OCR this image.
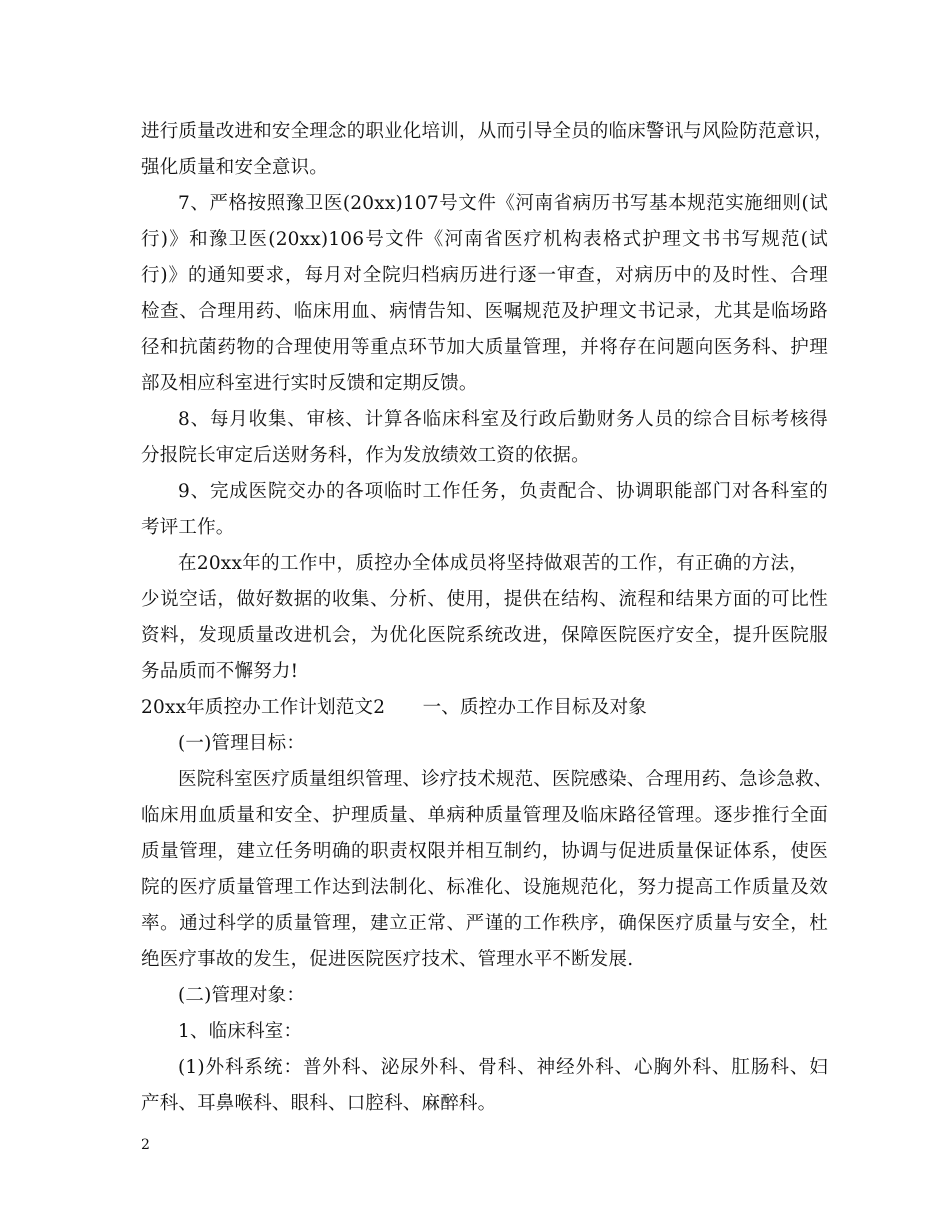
进行质量改进和安全理念的职业化培训，从而引导全员的临床警讯与风险防范意识，
强化质量和安全意识。
7、严格按照豫卫医(20xx)107号文件《河南省病历书写基本规范实施细则(试
行)》和豫卫医(20xx)106号文件《河南省医疗机构表格式护理文书书写规范(试
行)》的通知要求，每月对全院归档病历进行逐一审查，对病历中的及时性、合理
检查、合理用药、临床用血、病情告知、医嘱规范及护理文书记录，尤其是临场路
径和抗菌药物的合理使用等重点环节加大质量管理，并将存在问题向医务科、护理
部及相应科室进行实时反馈和定期反馈。
8、每月收集、审核、计算各临床科室及行政后勤财务人员的综合目标考核得
分报院长审定后送财务科，作为发放绩效工资的依据。
9、完成医院交办的各项临时工作任务，负责配合、协调职能部门对各科室的
考评工作。
在20xx年的工作中，质控办全体成员将坚持做艰苦的工作，有正确的方法，
少说空话，做好数据的收集、分析、使用，提供在结构、流程和结果方面的可比性
资料，发现质量改进机会，为优化医院系统改进，保障医院医疗安全，提升医院服
务品质而不懈努力!
20xx年质控办工作计划范文2　　一、质控办工作目标及对象
(一)管理目标：
医院科室医疗质量组织管理、诊疗技术规范、医院感染、合理用药、急诊急救、
临床用血质量和安全、护理质量、单病种质量管理及临床路径管理。逐步推行全面
质量管理，建立任务明确的职责权限并相互制约，协调与促进质量保证体系，使医
院的医疗质量管理工作达到法制化、标准化、设施规范化，努力提高工作质量及效
率。通过科学的质量管理，建立正常、严谨的工作秩序，确保医疗质量与安全，杜
绝医疗事故的发生，促进医院医疗技术、管理水平不断发展.
(二)管理对象：
1、临床科室：
(1)外科系统：普外科、泌尿外科、骨科、神经外科、心胸外科、肛肠科、妇
产科、耳鼻喉科、眼科、口腔科、麻醉科。
2
